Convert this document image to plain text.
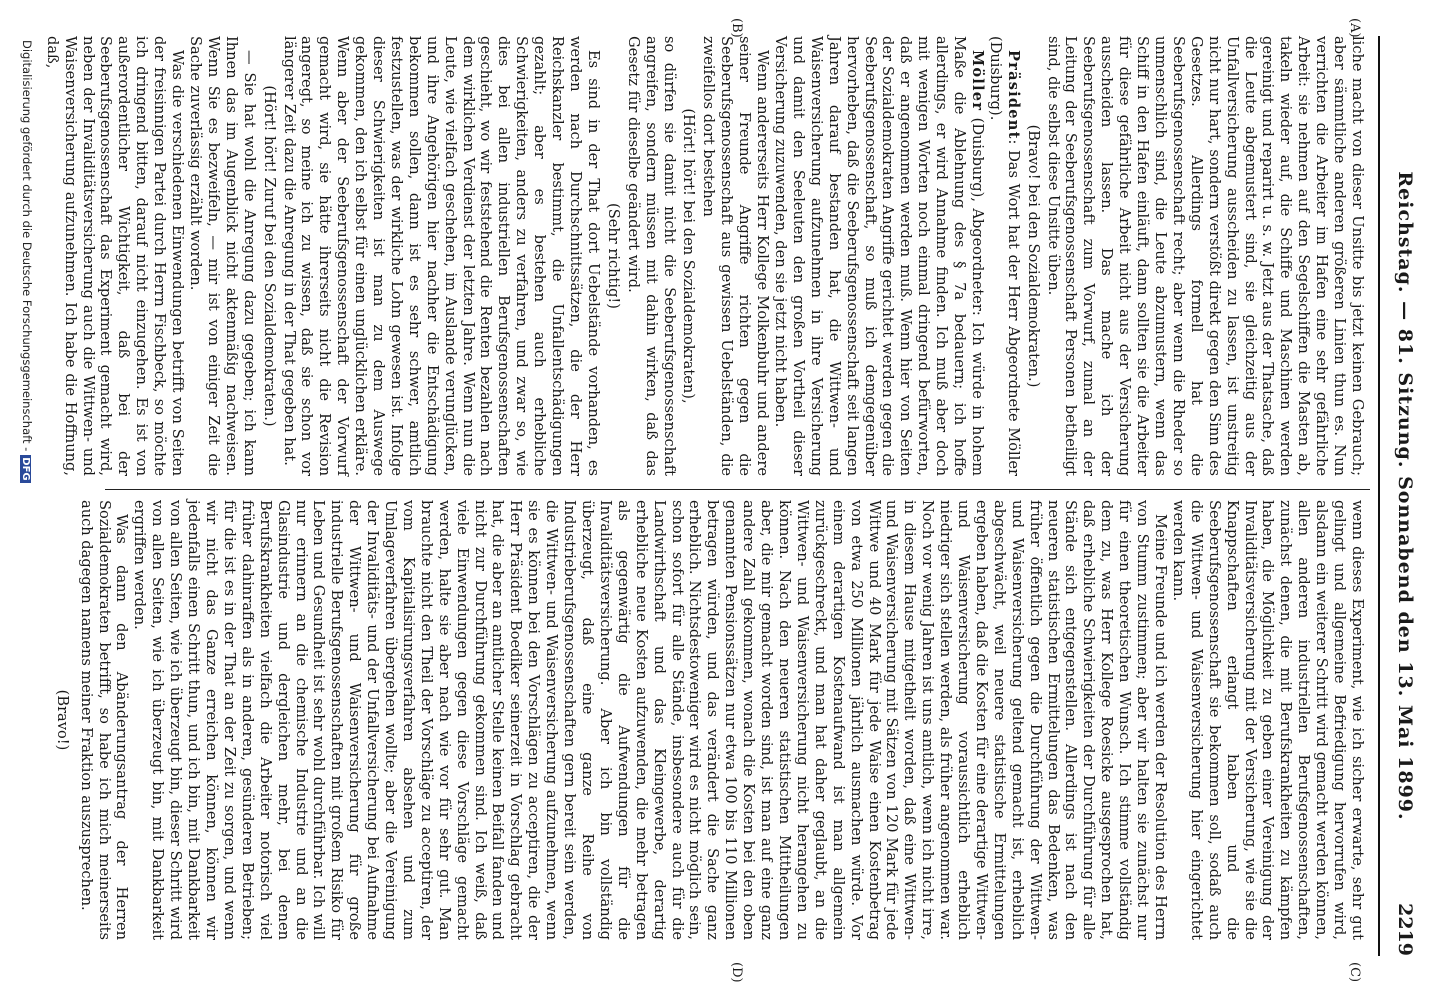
Reichstag. — 81. Sitzung. Sonnabend den 13. Mai 1899.
2219
(A)
(B)
(C)
(D)

liche macht von dieser Unsitte bis jetzt keinen Gebrauch; aber sämmtliche anderen größeren Linien thun es. Nun verrichten die Arbeiter im Hafen eine sehr gefährliche Arbeit: sie nehmen auf den Segelschiffen die Masten ab, takeln wieder auf, die Schiffe und Maschinen werden gereinigt und reparirt u. s. w. Jetzt aus der Thatsache, daß die Leute abgemustert sind, sie gleichzeitig aus der Unfallversicherung ausscheiden zu lassen, ist unstreitig nicht nur hart, sondern verstößt direkt gegen den Sinn des Gesetzes. Allerdings formell hat die Seeberufsgenossenschaft recht; aber wenn die Rheder so unmenschlich sind, die Leute abzumustern, wenn das Schiff in den Hafen einläuft, dann sollten sie die Arbeiter für diese gefährliche Arbeit nicht aus der Versicherung ausscheiden lassen. Das mache ich der Seeberufsgenossenschaft zum Vorwurf, zumal an der Leitung der Seeberufsgenossenschaft Personen betheiligt sind, die selbst diese Unsitte üben.

(Bravo! bei den Sozialdemokraten.)

Präsident: Das Wort hat der Herr Abgeordnete Möller (Duisburg).

Möller (Duisburg), Abgeordneter: Ich würde in hohem Maße die Ablehnung des § 7a bedauern; ich hoffe allerdings, er wird Annahme finden. Ich muß aber doch mit wenigen Worten noch einmal dringend befürworten, daß er angenommen werden muß. Wenn hier von Seiten der Sozialdemokraten Angriffe gerichtet werden gegen die Seeberufsgenossenschaft, so muß ich demgegenüber hervorheben, daß die Seeberufsgenossenschaft seit langen Jahren darauf bestanden hat, die Wittwen- und Waisenversicherung aufzunehmen in ihre Versicherung und damit den Seeleuten den großen Vortheil dieser Versicherung zuzuwenden, den sie jetzt nicht haben.

Wenn andererseits Herr Kollege Molkenbuhr und andere seiner Freunde Angriffe richten gegen die Seeberufsgenossenschaft aus gewissen Uebelständen, die zweifellos dort bestehen

(Hört! hört! bei den Sozialdemokraten),

so dürfen sie damit nicht die Seeberufsgenossenschaft angreifen, sondern müssen mit dahin wirken, daß das Gesetz für dieselbe geändert wird.

(Sehr richtig!)

Es sind in der That dort Uebelstände vorhanden, es werden nach Durchschnittssätzen, die der Herr Reichskanzler bestimmt, die Unfallentschädigungen gezahlt; aber es bestehen auch erhebliche Schwierigkeiten, anders zu verfahren, und zwar so, wie dies bei allen industriellen Berufsgenossenschaften geschieht, wo wir feststehend die Renten bezahlen nach dem wirklichen Verdienst der letzten Jahre. Wenn nun die Leute, wie vielfach geschehen, im Auslande verunglücken, und ihre Angehörigen hier nachher die Entschädigung bekommen sollen, dann ist es sehr schwer, amtlich festzustellen, was der wirkliche Lohn gewesen ist. Infolge dieser Schwierigkeiten ist man zu dem Auswege gekommen, den ich selbst für einen unglücklichen erkläre. Wenn aber der Seeberufsgenossenschaft der Vorwurf gemacht wird, sie hätte ihrerseits nicht die Revision angeregt, so meine ich zu wissen, daß sie schon vor längerer Zeit dazu die Anregung in der That gegeben hat.

(Hört! hört! Zuruf bei den Sozialdemokraten.)

— Sie hat wohl die Anregung dazu gegeben; ich kann Ihnen das im Augenblick nicht aktenmäßig nachweisen. Wenn Sie es bezweifeln, — mir ist von einiger Zeit die Sache zuverlässig erzählt worden.

Was die verschiedenen Einwendungen betrifft von Seiten der freisinnigen Partei durch Herrn Fischbeck, so möchte ich dringend bitten, darauf nicht einzugehen. Es ist von außerordentlicher Wichtigkeit, daß bei der Seeberufsgenossenschaft das Experiment gemacht wird, neben der Invaliditätsversicherung auch die Wittwen- und Waisenversicherung aufzunehmen. Ich habe die Hoffnung, daß,

wenn dieses Experiment, wie ich sicher erwarte, sehr gut gelingt und allgemeine Befriedigung hervorrufen wird, alsdann ein weiterer Schritt wird gemacht werden können, allen anderen industriellen Berufsgenossenschaften, zunächst denen, die mit Berufskrankheiten zu kämpfen haben, die Möglichkeit zu geben einer Vereinigung der Invaliditätsversicherung mit der Versicherung, wie sie die Knappschaften erlangt haben und die Seeberufsgenossenschaft sie bekommen soll, sodaß auch die Wittwen- und Waisenversicherung hier eingerichtet werden kann.

Meine Freunde und ich werden der Resolution des Herrn von Stumm zustimmen; aber wir halten sie zunächst nur für einen theoretischen Wunsch. Ich stimme vollständig dem zu, was Herr Kollege Roesicke ausgesprochen hat, daß erhebliche Schwierigkeiten der Durchführung für alle Stände sich entgegenstellen. Allerdings ist nach den neueren statistischen Ermittelungen das Bedenken, was früher öffentlich gegen die Durchführung der Wittwen- und Waisenversicherung geltend gemacht ist, erheblich abgeschwächt, weil neuere statistische Ermittelungen ergeben haben, daß die Kosten für eine derartige Wittwen- und Waisenversicherung voraussichtlich erheblich niedriger sich stellen werden, als früher angenommen war. Noch vor wenig Jahren ist uns amtlich, wenn ich nicht irre, in diesem Hause mitgetheilt worden, daß eine Wittwen- und Waisenversicherung mit Sätzen von 120 Mark für jede Wittwe und 40 Mark für jede Waise einen Kostenbetrag von etwa 250 Millionen jährlich ausmachen würde. Vor einem derartigen Kostenaufwand ist man allgemein zurückgeschreckt, und man hat daher geglaubt, an die Wittwen- und Waisenversicherung nicht herangehen zu können. Nach den neueren statistischen Mittheilungen aber, die mir gemacht worden sind, ist man auf eine ganz andere Zahl gekommen, wonach die Kosten bei den oben genannten Pensionssätzen nur etwa 100 bis 110 Millionen betragen würden, und das verändert die Sache ganz erheblich. Nichtsdestoweniger wird es nicht möglich sein, schon sofort für alle Stände, insbesondere auch für die Landwirthschaft und das Kleingewerbe, derartig erhebliche neue Kosten aufzuwenden, die mehr betragen als gegenwärtig die Aufwendungen für die Invaliditätsversicherung. Aber ich bin vollständig überzeugt, daß eine ganze Reihe von Industrieberufsgenossenschaften gern bereit sein werden, die Wittwen- und Waisenversicherung aufzunehmen, wenn sie es können bei den Vorschlägen zu acceptiren, die der Herr Präsident Boediker seinerzeit in Vorschlag gebracht hat, die aber an amtlicher Stelle keinen Beifall fanden und nicht zur Durchführung gekommen sind. Ich weiß, daß viele Einwendungen gegen diese Vorschläge gemacht werden, halte sie aber nach wie vor für sehr gut. Man brauchte nicht den Theil der Vorschläge zu acceptiren, der vom Kapitalisirungsverfahren absehen und zum Umlageverfahren übergehen wollte; aber die Vereinigung der Invaliditäts- und der Unfallversicherung bei Aufnahme der Wittwen- und Waisenversicherung für große industrielle Berufsgenossenschaften mit großem Risiko für Leben und Gesundheit ist sehr wohl durchführbar. Ich will nur erinnern an die chemische Industrie und an die Glasindustrie und dergleichen mehr, bei denen Berufskrankheiten vielfach die Arbeiter notorisch viel früher dahinraffen als in anderen, gesünderen Betrieben; für die ist es in der That an der Zeit zu sorgen, und wenn wir nicht das Ganze erreichen können, können wir jedenfalls einen Schritt thun, und ich bin, mit Dankbarkeit von allen Seiten, wie ich überzeugt bin, dieser Schritt wird von allen Seiten, wie ich überzeugt bin, mit Dankbarkeit ergriffen werden.

Was dann den Abänderungsantrag der Herren Sozialdemokraten betrifft, so habe ich mich meinerseits auch dagegen namens meiner Fraktion auszusprechen.

(Bravo!)

Digitalisierung gefördert durch die Deutsche Forschungsgemeinschaft -DFG
